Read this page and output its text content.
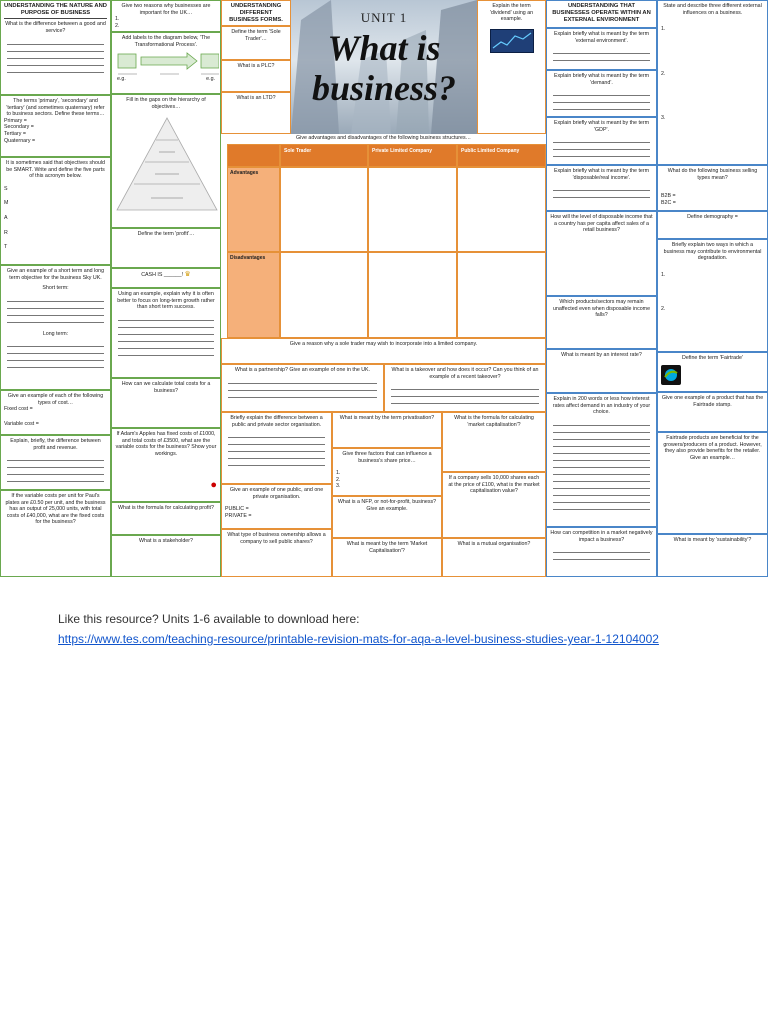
UNDERSTANDING THE NATURE AND PURPOSE OF BUSINESS
What is the difference between a good and service?
The terms 'primary', 'secondary' and 'tertiary' (and sometimes quaternary) refer to business sectors. Define these terms…
Primary =
Secondary =
Tertiary =
Quaternary =
It is sometimes said that objectives should be SMART. Write and define the five parts of this acronym below.
S
M
A
R
T
Give an example of a short term and long term objective for the business Sky UK.
Short term:
Long term:
Give an example of each of the following types of cost…
Fixed cost =
Variable cost =
Explain, briefly, the difference between profit and revenue.
If the variable costs per unit for Paul's plates are £0.50 per unit, and the business has an output of 25,000 units, with total costs of £40,000, what are the fixed costs for the business?
Give two reasons why businesses are important for the UK…
1.
2.
Add labels to the diagram below, 'The Transformational Process'.
e.g.	e.g.
Fill in the gaps on the hierarchy of objectives…
Define the term 'profit'…
CASH IS ______! ♛
Using an example, explain why it is often better to focus on long-term growth rather than short term success.
How can we calculate total costs for a business?
If Adam's Apples has fixed costs of £1000, and total costs of £3500, what are the variable costs for the business? Show your workings.
●
What is the formula for calculating profit?
What is a stakeholder?
UNDERSTANDING DIFFERENT BUSINESS FORMS.
Define the term 'Sole Trader'…
What is a PLC?
What is an LTD?
UNIT 1
What is business?
Explain the term 'dividend' using an example.
Give advantages and disadvantages of the following business structures…
Sole Trader	Private Limited Company	Public Limited Company
Advantages
Disadvantages
Give a reason why a sole trader may wish to incorporate into a limited company.
What is a partnership? Give an example of one in the UK.	What is a takeover and how does it occur? Can you think of an example of a recent takeover?
Briefly explain the difference between a public and private sector organisation.
What is meant by the term privatisation?	What is the formula for calculating 'market capitalisation'?
Give three factors that can influence a business's share price…
1.
2.
3.
If a company sells 10,000 shares each at the price of £100, what is the market capitalisation value?
Give an example of one public, and one private organisation.
PUBLIC =
PRIVATE =
What is a NFP, or not-for-profit, business? Give an example.
What type of business ownership allows a company to sell public shares?	What is meant by the term 'Market Capitalisation'?
What is a mutual organisation?
UNDERSTANDING THAT BUSINESSES OPERATE WITHIN AN EXTERNAL ENVIRONMENT
Explain briefly what is meant by the term 'external environment'.
Explain briefly what is meant by the term 'demand'.
Explain briefly what is meant by the term 'GDP'.
Explain briefly what is meant by the term 'disposable/real income'.
How will the level of disposable income that a country has per capita affect sales of a retail business?
Which products/sectors may remain unaffected even when disposable income falls?
What is meant by an interest rate?
Explain in 200 words or less how interest rates affect demand in an industry of your choice.
How can competition in a market negatively impact a business?
State and describe three different external influences on a business.
1.
2.
3.
What do the following business selling types mean?
B2B =
B2C =
Define demography =
Briefly explain two ways in which a business may contribute to environmental degradation.
1.
2.
Define the term 'Fairtrade'
Give one example of a product that has the Fairtrade stamp.
Fairtrade products are beneficial for the growers/producers of a product. However, they also provide benefits for the retailer. Give an example…
What is meant by 'sustainability'?
Like this resource? Units 1-6 available to download here:
https://www.tes.com/teaching-resource/printable-revision-mats-for-aqa-a-level-business-studies-year-1-12104002
